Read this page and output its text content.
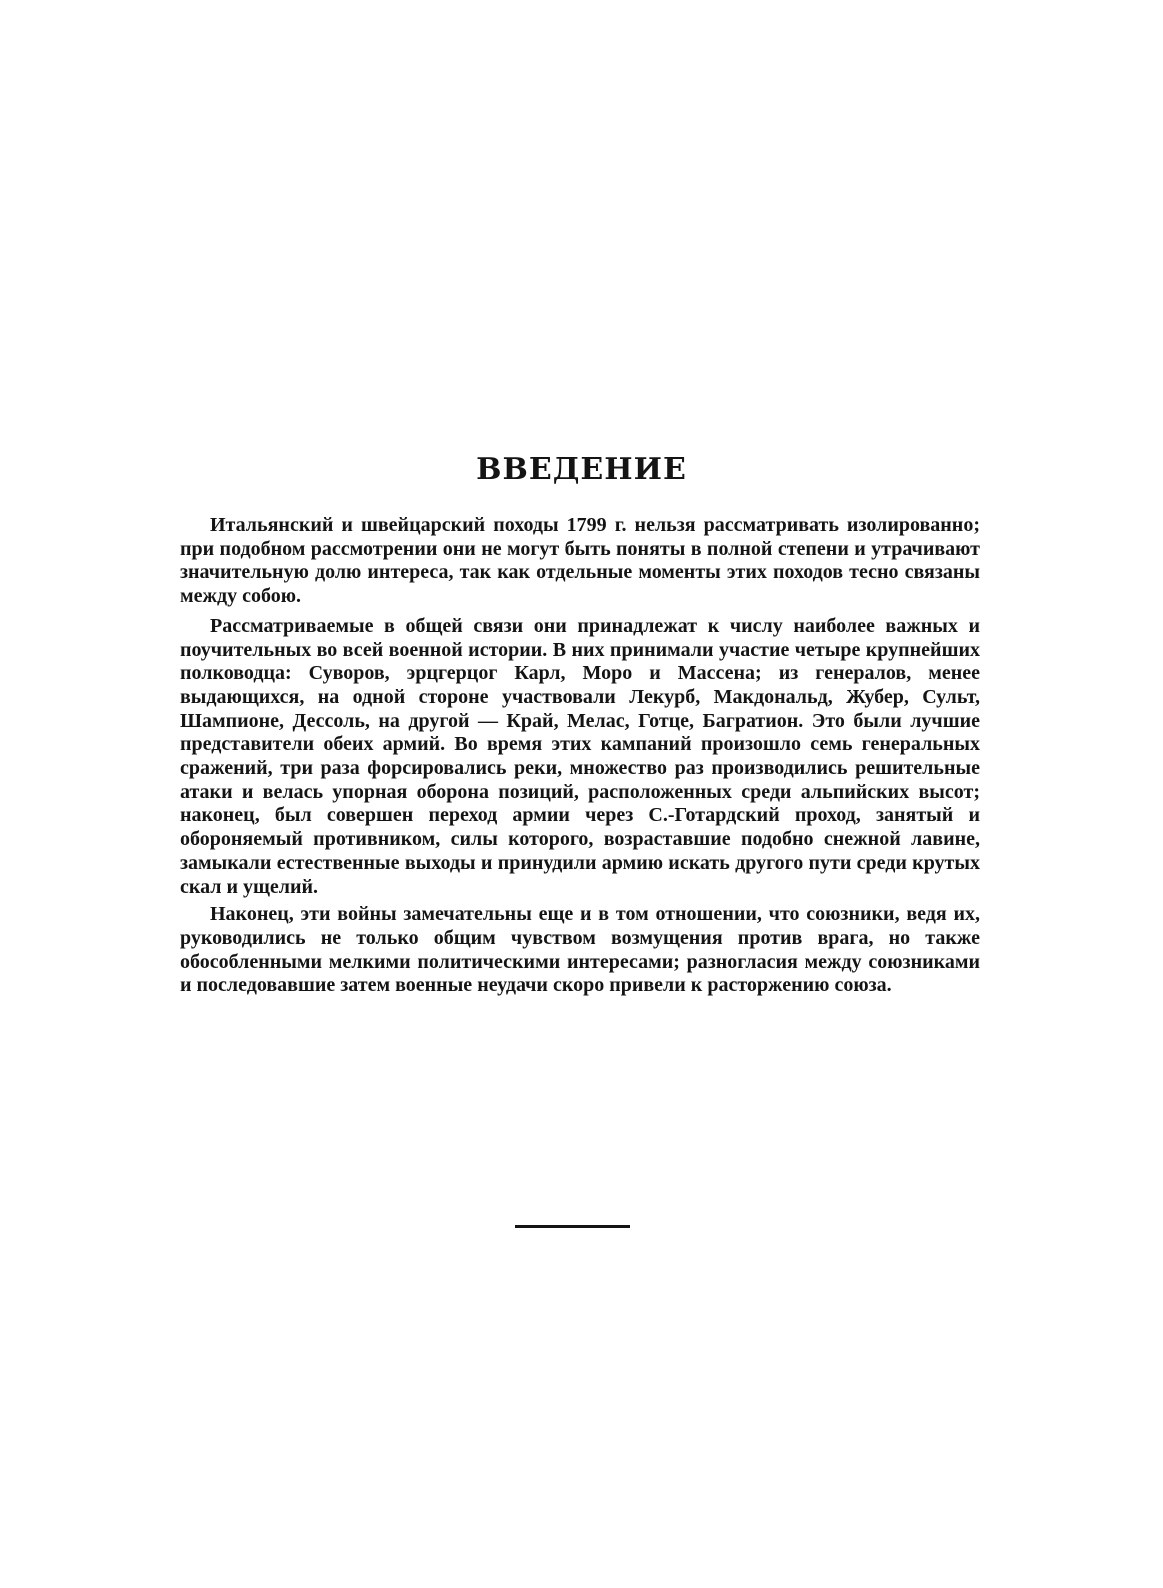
ВВЕДЕНИЕ

Итальянский и швейцарский походы 1799 г. нельзя рассматривать изолированно; при подобном рассмотрении они не могут быть поняты в полной степени и утрачивают значительную долю интереса, так как отдельные моменты этих походов тесно связаны между собою.

Рассматриваемые в общей связи они принадлежат к числу наиболее важных и поучительных во всей военной истории. В них принимали участие четыре крупнейших полководца: Суворов, эрцгерцог Карл, Моро и Массена; из генералов, менее выдающихся, на одной стороне участвовали Лекурб, Макдональд, Жубер, Сульт, Шампионе, Дессоль, на другой — Край, Мелас, Готце, Багратион. Это были лучшие представители обеих армий. Во время этих кампаний произошло семь генеральных сражений, три раза форсировались реки, множество раз производились решительные атаки и велась упорная оборона позиций, расположенных среди альпийских высот; наконец, был совершен переход армии через С.-Готардский проход, занятый и обороняемый противником, силы которого, возраставшие подобно снежной лавине, замыкали естественные выходы и принудили армию искать другого пути среди крутых скал и ущелий.

Наконец, эти войны замечательны еще и в том отношении, что союзники, ведя их, руководились не только общим чувством возмущения против врага, но также обособленными мелкими политическими интересами; разногласия между союзниками и последовавшие затем военные неудачи скоро привели к расторжению союза.
